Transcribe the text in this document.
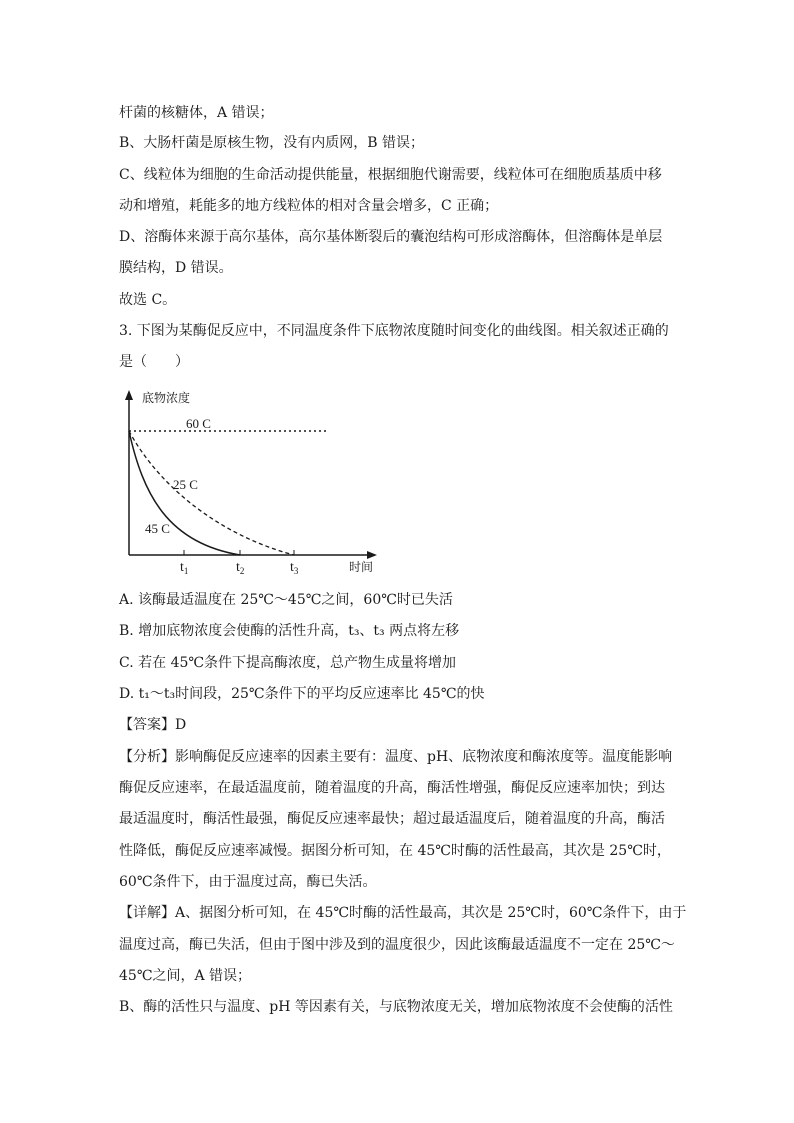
杆菌的核糖体，A 错误；
B、大肠杆菌是原核生物，没有内质网，B 错误；
C、线粒体为细胞的生命活动提供能量，根据细胞代谢需要，线粒体可在细胞质基质中移
动和增殖，耗能多的地方线粒体的相对含量会增多，C 正确；
D、溶酶体来源于高尔基体，高尔基体断裂后的囊泡结构可形成溶酶体，但溶酶体是单层
膜结构，D 错误。
故选 C。
3. 下图为某酶促反应中，不同温度条件下底物浓度随时间变化的曲线图。相关叙述正确的
是（　　）
底物浓度
时间
$t_1$	$t_2$	$t_3$
60 C
25 C
45 C
A. 该酶最适温度在 25℃～45℃之间，60℃时已失活
B. 增加底物浓度会使酶的活性升高，t₃、t₃ 两点将左移
C. 若在 45℃条件下提高酶浓度，总产物生成量将增加
D. t₁～t₃时间段，25℃条件下的平均反应速率比 45℃的快
【答案】D
【分析】影响酶促反应速率的因素主要有：温度、pH、底物浓度和酶浓度等。温度能影响
酶促反应速率，在最适温度前，随着温度的升高，酶活性增强，酶促反应速率加快；到达
最适温度时，酶活性最强，酶促反应速率最快；超过最适温度后，随着温度的升高，酶活
性降低，酶促反应速率减慢。据图分析可知，在 45℃时酶的活性最高，其次是 25℃时，
60℃条件下，由于温度过高，酶已失活。
【详解】A、据图分析可知，在 45℃时酶的活性最高，其次是 25℃时，60℃条件下，由于
温度过高，酶已失活，但由于图中涉及到的温度很少，因此该酶最适温度不一定在 25℃～
45℃之间，A 错误；
B、酶的活性只与温度、pH 等因素有关，与底物浓度无关，增加底物浓度不会使酶的活性
